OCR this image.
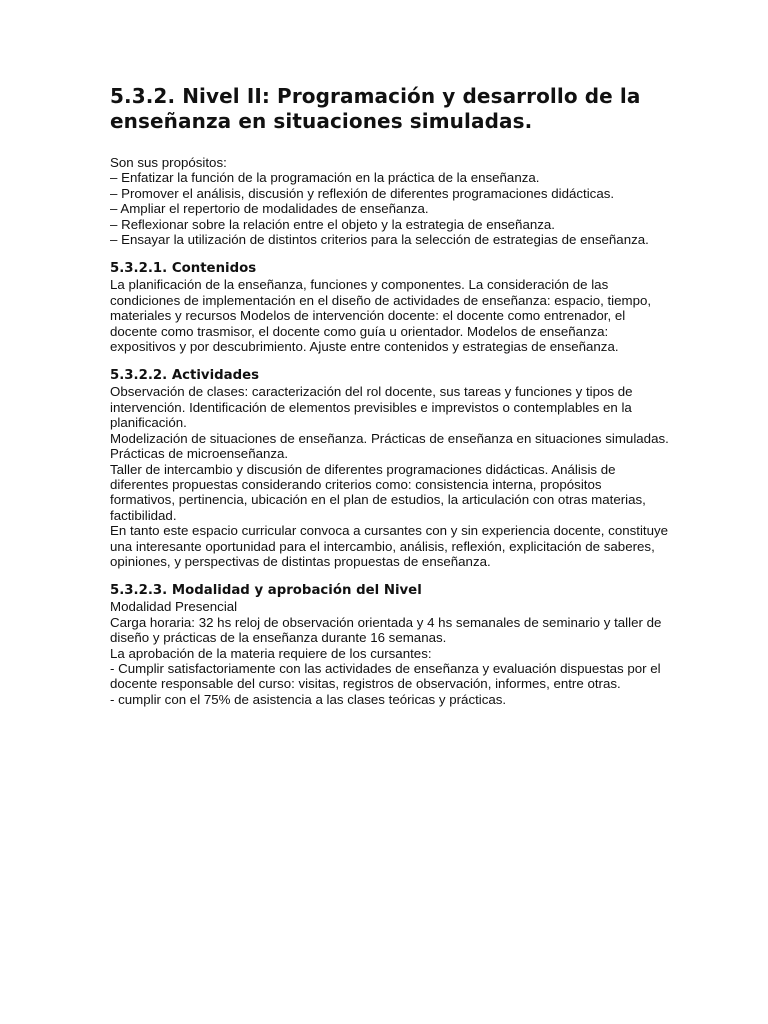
5.3.2. Nivel II: Programación y desarrollo de la enseñanza en situaciones simuladas.
Son sus propósitos:
– Enfatizar la función de la programación en la práctica de la enseñanza.
– Promover el análisis, discusión y reflexión de diferentes programaciones didácticas.
– Ampliar el repertorio de modalidades de enseñanza.
– Reflexionar sobre la relación entre el objeto y la estrategia de enseñanza.
– Ensayar la utilización de distintos criterios para la selección de estrategias de enseñanza.
5.3.2.1. Contenidos
La planificación de la enseñanza, funciones y componentes. La consideración de las condiciones de implementación en el diseño de actividades de enseñanza: espacio, tiempo, materiales y recursos Modelos de intervención docente: el docente como entrenador, el docente como trasmisor, el docente como guía u orientador. Modelos de enseñanza: expositivos y por descubrimiento. Ajuste entre contenidos y estrategias de enseñanza.
5.3.2.2. Actividades
Observación de clases: caracterización del rol docente, sus tareas y funciones y tipos de intervención. Identificación de elementos previsibles e imprevistos o contemplables en la planificación.
Modelización de situaciones de enseñanza. Prácticas de enseñanza en situaciones simuladas. Prácticas de microenseñanza.
Taller de intercambio y discusión de diferentes programaciones didácticas. Análisis de diferentes propuestas considerando criterios como: consistencia interna, propósitos formativos, pertinencia, ubicación en el plan de estudios, la articulación con otras materias, factibilidad.
En tanto este espacio curricular convoca a cursantes con y sin experiencia docente, constituye una interesante oportunidad para el intercambio, análisis, reflexión, explicitación de saberes, opiniones, y perspectivas de distintas propuestas de enseñanza.
5.3.2.3. Modalidad y aprobación del Nivel
Modalidad Presencial
Carga horaria: 32 hs reloj de observación orientada y 4 hs semanales de seminario y taller de diseño y prácticas de la enseñanza durante 16 semanas.
La aprobación de la materia requiere de los cursantes:
- Cumplir satisfactoriamente con las actividades de enseñanza y evaluación dispuestas por el docente responsable del curso: visitas, registros de observación, informes, entre otras.
- cumplir con el 75% de asistencia a las clases teóricas y prácticas.
